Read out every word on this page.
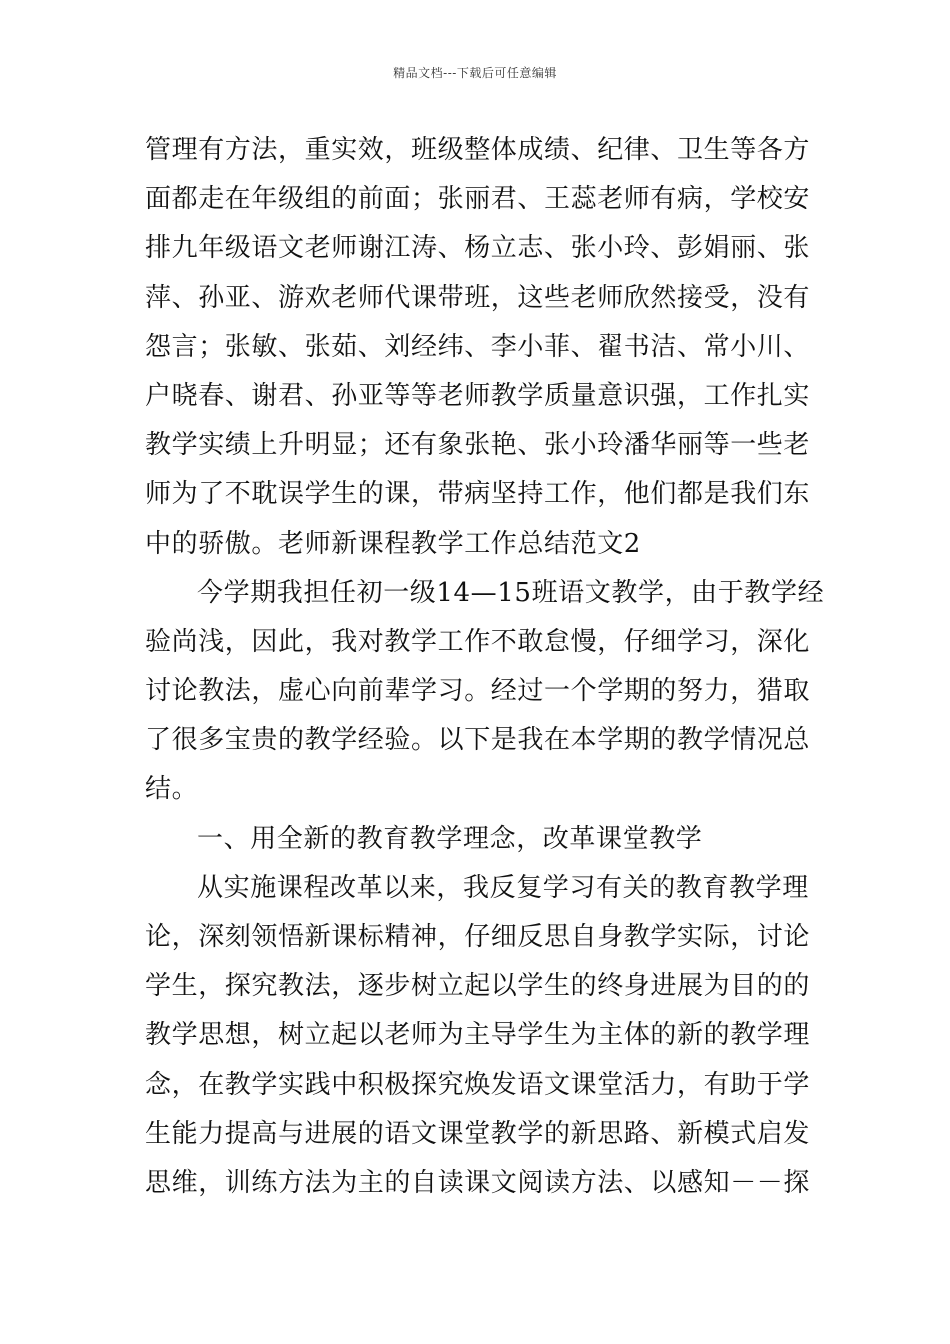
精品文档---下载后可任意编辑
管理有方法，重实效，班级整体成绩、纪律、卫生等各方
面都走在年级组的前面；张丽君、王蕊老师有病，学校安
排九年级语文老师谢江涛、杨立志、张小玲、彭娟丽、张
萍、孙亚、游欢老师代课带班，这些老师欣然接受，没有
怨言；张敏、张茹、刘经纬、李小菲、翟书洁、常小川、
户晓春、谢君、孙亚等等老师教学质量意识强，工作扎实
教学实绩上升明显；还有象张艳、张小玲潘华丽等一些老
师为了不耽误学生的课，带病坚持工作，他们都是我们东
中的骄傲。老师新课程教学工作总结范文2
今学期我担任初一级14—15班语文教学，由于教学经
验尚浅，因此，我对教学工作不敢怠慢，仔细学习，深化
讨论教法，虚心向前辈学习。经过一个学期的努力，猎取
了很多宝贵的教学经验。以下是我在本学期的教学情况总
结。
一、用全新的教育教学理念，改革课堂教学
从实施课程改革以来，我反复学习有关的教育教学理
论，深刻领悟新课标精神，仔细反思自身教学实际，讨论
学生，探究教法，逐步树立起以学生的终身进展为目的的
教学思想，树立起以老师为主导学生为主体的新的教学理
念，在教学实践中积极探究焕发语文课堂活力，有助于学
生能力提高与进展的语文课堂教学的新思路、新模式启发
思维，训练方法为主的自读课文阅读方法、以感知－－探
